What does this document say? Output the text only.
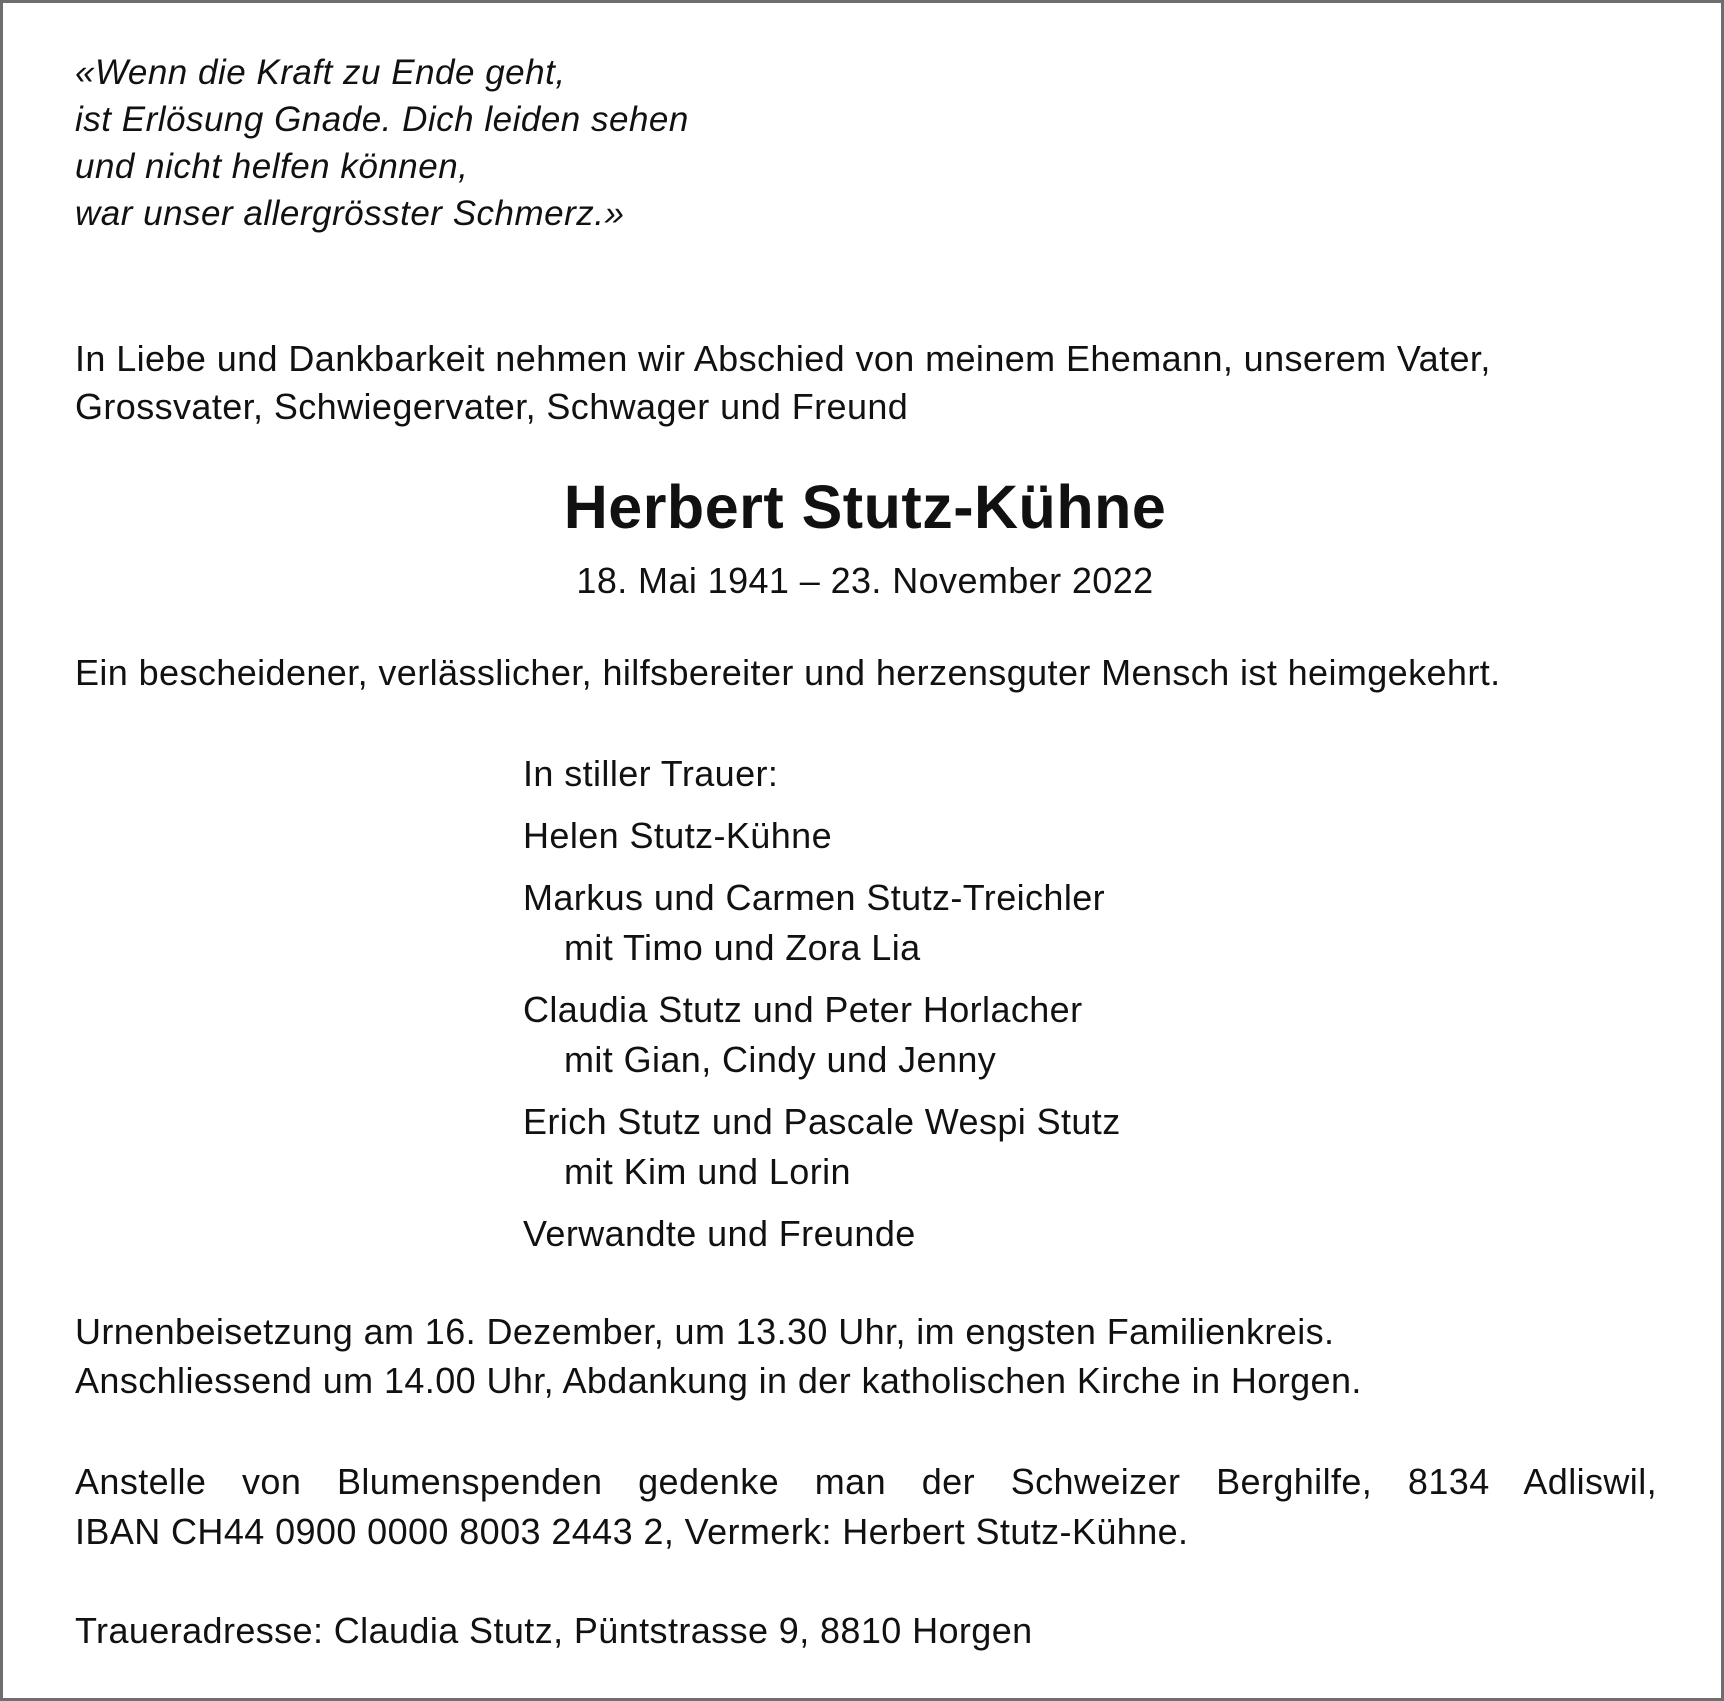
«Wenn die Kraft zu Ende geht,
ist Erlösung Gnade. Dich leiden sehen
und nicht helfen können,
war unser allergrösster Schmerz.»
In Liebe und Dankbarkeit nehmen wir Abschied von meinem Ehemann, unserem Vater,
Grossvater, Schwiegervater, Schwager und Freund
Herbert Stutz-Kühne
18. Mai 1941 – 23. November 2022
Ein bescheidener, verlässlicher, hilfsbereiter und herzensguter Mensch ist heimgekehrt.
In stiller Trauer:
Helen Stutz-Kühne
Markus und Carmen Stutz-Treichler
mit Timo und Zora Lia
Claudia Stutz und Peter Horlacher
mit Gian, Cindy und Jenny
Erich Stutz und Pascale Wespi Stutz
mit Kim und Lorin
Verwandte und Freunde
Urnenbeisetzung am 16. Dezember, um 13.30 Uhr, im engsten Familienkreis.
Anschliessend um 14.00 Uhr, Abdankung in der katholischen Kirche in Horgen.
Anstelle von Blumenspenden gedenke man der Schweizer Berghilfe, 8134 Adliswil,
IBAN CH44 0900 0000 8003 2443 2, Vermerk: Herbert Stutz-Kühne.
Traueradresse: Claudia Stutz, Püntstrasse 9, 8810 Horgen
